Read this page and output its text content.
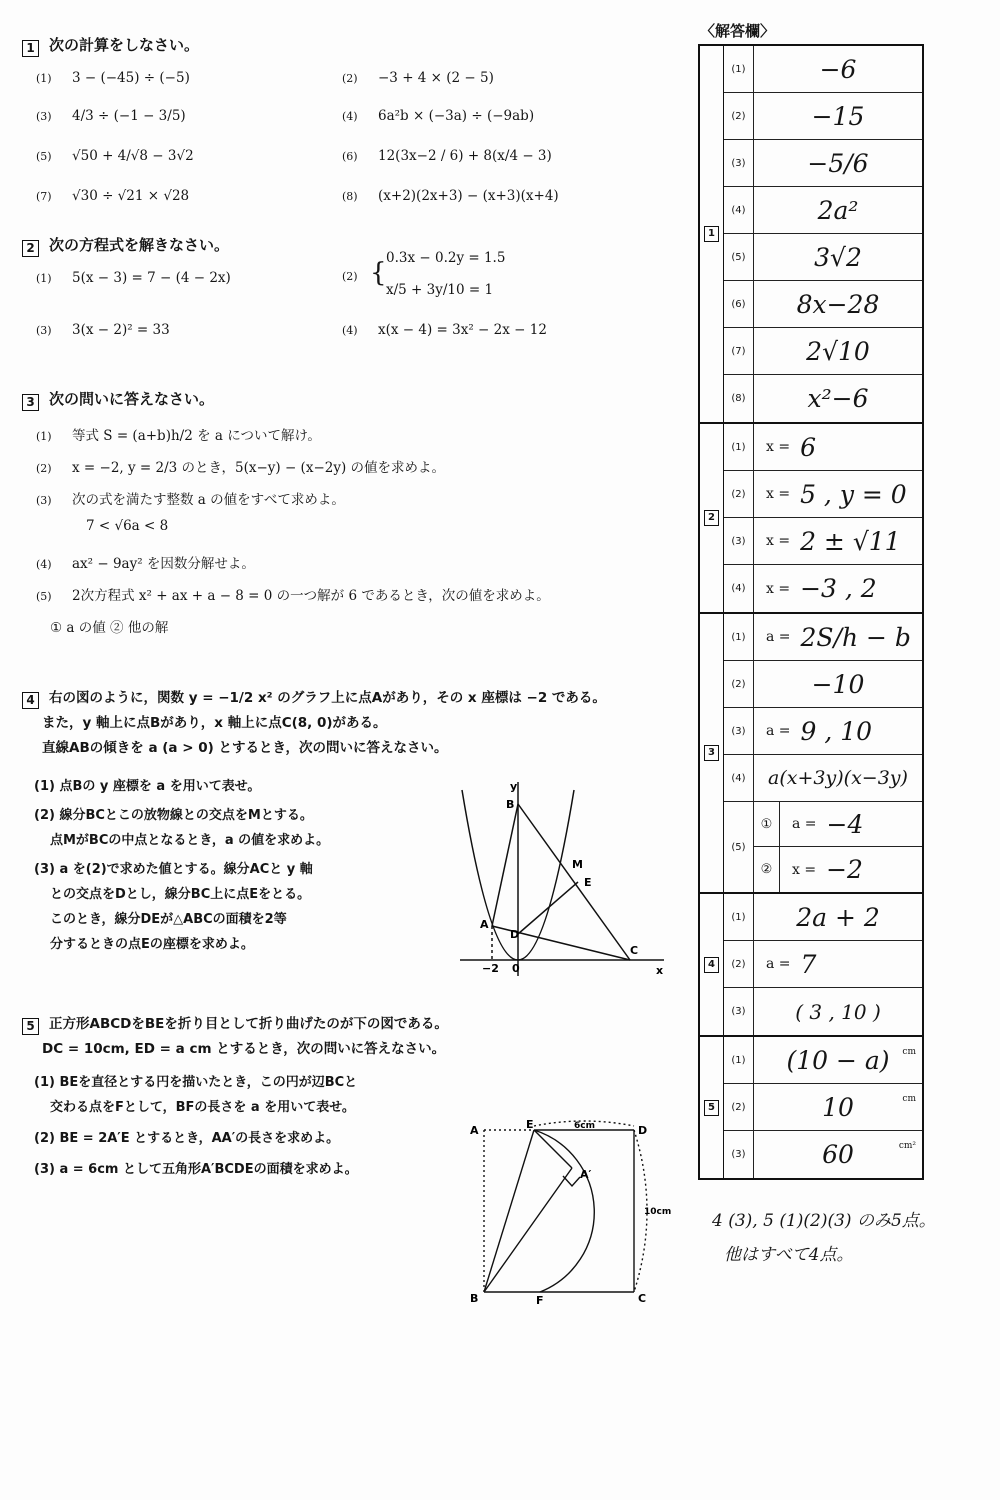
1 次の計算をしなさい。
(1) 3 − (−45) ÷ (−5)	(2) −3 + 4 × (2 − 5)
(3) 4/3 ÷ (−1 − 3/5)	(4) 6a²b × (−3a) ÷ (−9ab)
(5) √50 + 4/√8 − 3√2	(6) 12(3x−2 / 6) + 8(x/4 − 3)
(7) √30 ÷ √21 × √28	(8) (x+2)(2x+3) − (x+3)(x+4)
2 次の方程式を解きなさい。
(1) 5(x − 3) = 7 − (4 − 2x)	(2) { 0.3x − 0.2y = 1.5
x/5 + 3y/10 = 1
(3) 3(x − 2)² = 33	(4) x(x − 4) = 3x² − 2x − 12
3 次の問いに答えなさい。
(1) 等式 S = (a+b)h/2 を a について解け。
(2) x = −2, y = 2/3 のとき，5(x−y) − (x−2y) の値を求めよ。
(3) 次の式を満たす整数 a の値をすべて求めよ。
7 < √6a < 8
(4) ax² − 9ay² を因数分解せよ。
(5) 2次方程式 x² + ax + a − 8 = 0 の一つ解が 6 であるとき，次の値を求めよ。
① a の値 ② 他の解
4 右の図のように，関数 y = −1/2 x² のグラフ上に点Aがあり，その x 座標は −2 である。
また，y 軸上に点Bがあり，x 軸上に点C(8, 0)がある。
直線ABの傾きを a (a > 0) とするとき，次の問いに答えなさい。
(1) 点Bの y 座標を a を用いて表せ。
(2) 線分BCとこの放物線との交点をMとする。
点MがBCの中点となるとき，a の値を求めよ。
(3) a を(2)で求めた値とする。線分ACと y 軸
との交点をDとし，線分BC上に点Eをとる。
このとき，線分DEが△ABCの面積を2等
分するときの点Eの座標を求めよ。
y
x
B
M
E
A
D
C
−2 0
5 正方形ABCDをBEを折り目として折り曲げたのが下の図である。
DC = 10cm, ED = a cm とするとき，次の問いに答えなさい。
(1) BEを直径とする円を描いたとき，この円が辺BCと
交わる点をFとして，BFの長さを a を用いて表せ。
(2) BE = 2A′E とするとき，AA′の長さを求めよ。
(3) a = 6cm として五角形A′BCDEの面積を求めよ。
A	E	D
A′
B	F	C
6cm
10cm
〈解答欄〉
1
(1)	−6
(2)	−15
(3)	−5/6
(4)	2a²
(5)	3√2
(6)	8x−28
(7)	2√10
(8)	x²−6
2
(1)	x = 6
(2)	x = 5 , y = 0
(3)	x = 2 ± √11
(4)	x = −3 , 2
3
(1)	a = 2S/h − b
(2)	−10
(3)	a = 9 , 10
(4)	a(x+3y)(x−3y)
(5)
①	a = −4
②	x = −2
4
(1)	2a + 2
(2)	a = 7
(3)	( 3 , 10 )
5
(1)	(10 − a) cm
(2)	10	cm
(3)	60	cm²
4 (3), 5 (1)(2)(3) のみ5点。
他はすべて4点。
